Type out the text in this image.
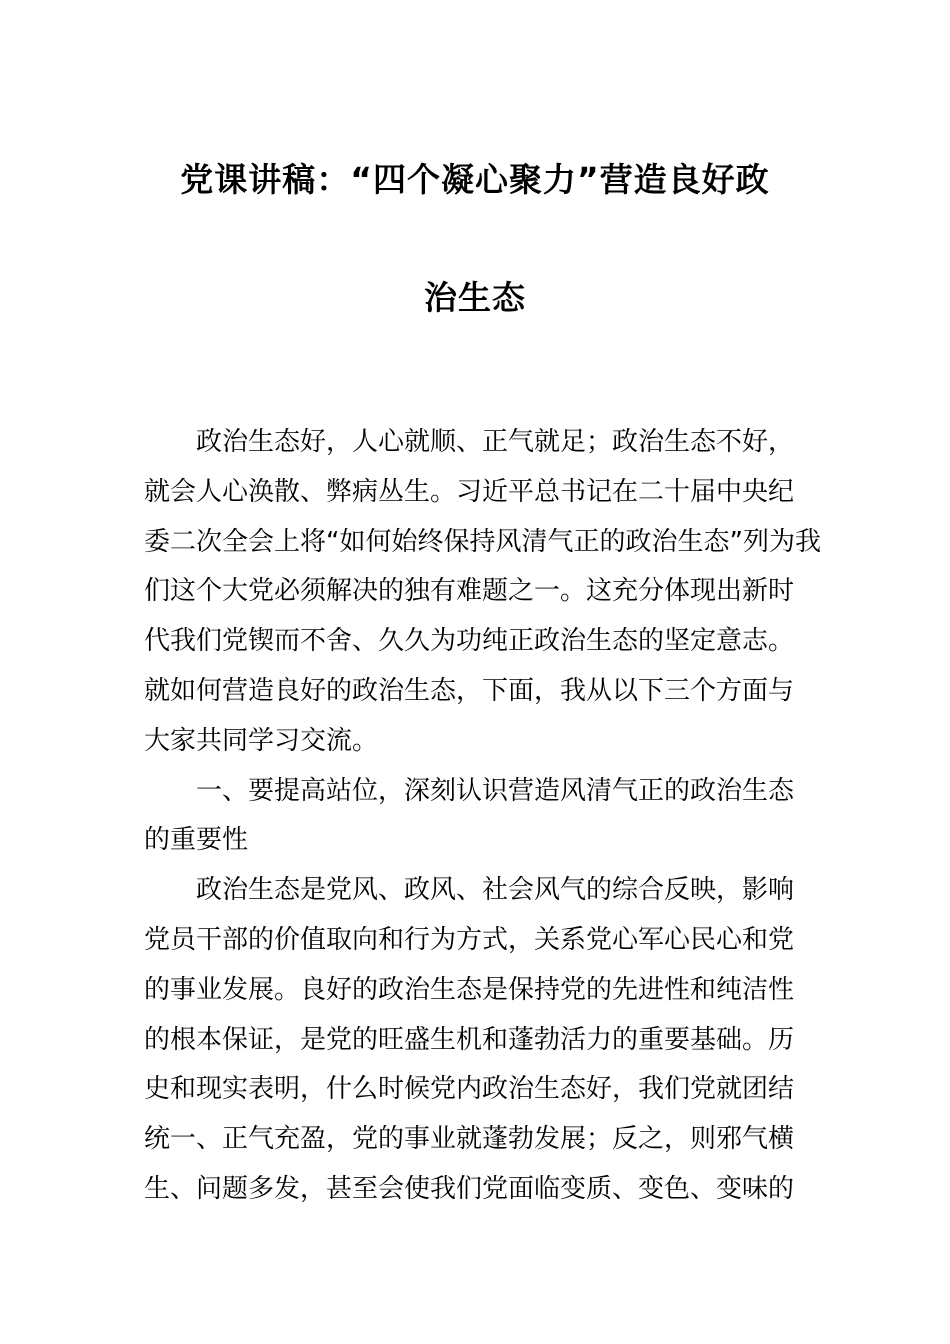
党课讲稿：“四个凝心聚力”营造良好政
治生态

政治生态好，人心就顺、正气就足；政治生态不好，
就会人心涣散、弊病丛生。习近平总书记在二十届中央纪
委二次全会上将“如何始终保持风清气正的政治生态”列为我
们这个大党必须解决的独有难题之一。这充分体现出新时
代我们党锲而不舍、久久为功纯正政治生态的坚定意志。
就如何营造良好的政治生态，下面，我从以下三个方面与
大家共同学习交流。

一、要提高站位，深刻认识营造风清气正的政治生态
的重要性

政治生态是党风、政风、社会风气的综合反映，影响
党员干部的价值取向和行为方式，关系党心军心民心和党
的事业发展。良好的政治生态是保持党的先进性和纯洁性
的根本保证，是党的旺盛生机和蓬勃活力的重要基础。历
史和现实表明，什么时候党内政治生态好，我们党就团结
统一、正气充盈，党的事业就蓬勃发展；反之，则邪气横
生、问题多发，甚至会使我们党面临变质、变色、变味的
